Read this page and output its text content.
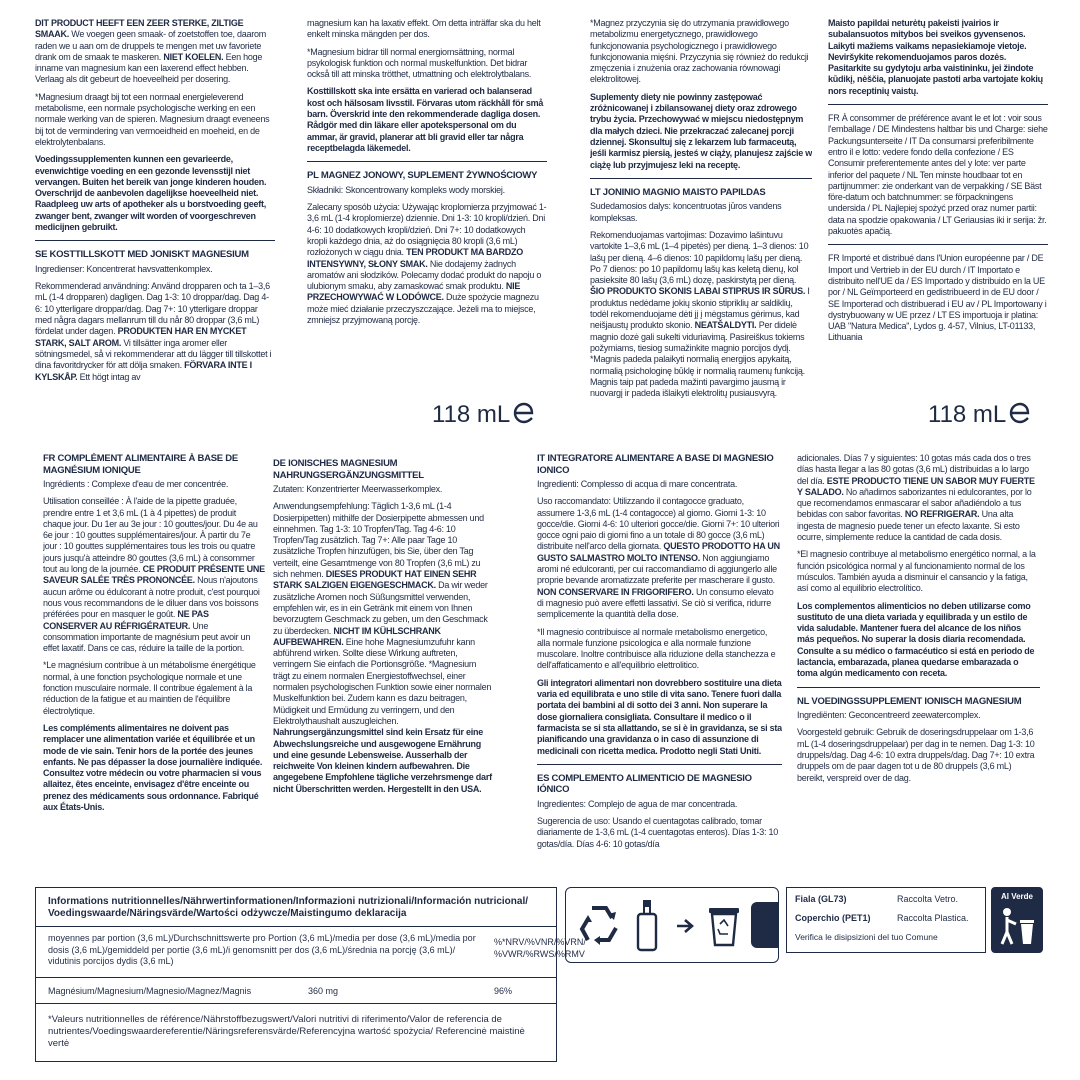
DIT PRODUCT HEEFT EEN ZEER STERKE, ZILTIGE SMAAK. We voegen geen smaak- of zoetstoffen toe, daarom raden we u aan om de druppels te mengen met uw favoriete drank om de smaak te maskeren. NIET KOELEN. Een hoge inname van magnesium kan een laxerend effect hebben. Verlaag als dit gebeurt de hoeveelheid per dosering.

*Magnesium draagt bij tot een normaal energieleverend metabolisme, een normale psychologische werking en een normale werking van de spieren. Magnesium draagt eveneens bij tot de vermindering van vermoeidheid en moeheid, en de elektrolytenbalans.

Voedingssupplementen kunnen een gevarieerde, evenwichtige voeding en een gezonde levensstijl niet vervangen. Buiten het bereik van jonge kinderen houden. Overschrijd de aanbevolen dagelijkse hoeveelheid niet. Raadpleeg uw arts of apotheker als u borstvoeding geeft, zwanger bent, zwanger wilt worden of voorgeschreven medicijnen gebruikt.

SE KOSTTILLSKOTT MED JONISKT MAGNESIUM

Ingredienser: Koncentrerat havsvattenkomplex.

Rekommenderad användning: Använd dropparen och ta 1–3,6 mL (1-4 dropparen) dagligen. Dag 1-3: 10 droppar/dag. Dag 4-6: 10 ytterligare droppar/dag. Dag 7+: 10 ytterligare droppar med några dagars mellanrum till du når 80 droppar (3,6 mL) fördelat under dagen. PRODUKTEN HAR EN MYCKET STARK, SALT AROM. Vi tillsätter inga aromer eller sötningsmedel, så vi rekommenderar att du lägger till tillskottet i dina favoritdrycker för att dölja smaken. FÖRVARA INTE I KYLSKÅP. Ett högt intag av

magnesium kan ha laxativ effekt. Om detta inträffar ska du helt enkelt minska mängden per dos.

*Magnesium bidrar till normal energiomsättning, normal psykologisk funktion och normal muskelfunktion. Det bidrar också till att minska trötthet, utmattning och elektrolytbalans.

Kosttillskott ska inte ersätta en varierad och balanserad kost och hälsosam livsstil. Förvaras utom räckhåll för små barn. Överskrid inte den rekommenderade dagliga dosen. Rådgör med din läkare eller apotekspersonal om du ammar, är gravid, planerar att bli gravid eller tar några receptbelagda läkemedel.

PL MAGNEZ JONOWY, SUPLEMENT ŻYWNOŚCIOWY

Składniki: Skoncentrowany kompleks wody morskiej.

Zalecany sposób użycia: Używając kroplomierza przyjmować 1-3,6 mL (1-4 kroplomierze) dziennie. Dni 1-3: 10 kropli/dzień. Dni 4-6: 10 dodatkowych kropli/dzień. Dni 7+: 10 dodatkowych kropli każdego dnia, aż do osiągnięcia 80 kropli (3,6 mL) rozłożonych w ciągu dnia. TEN PRODUKT MA BARDZO INTENSYWNY, SŁONY SMAK. Nie dodajemy żadnych aromatów ani słodzików. Polecamy dodać produkt do napoju o ulubionym smaku, aby zamaskować smak produktu. NIE PRZECHOWYWAĆ W LODÓWCE. Duże spożycie magnezu może mieć działanie przeczyszczające. Jeżeli ma to miejsce, zmniejsz przyjmowaną porcję.

118 mL

*Magnez przyczynia się do utrzymania prawidłowego metabolizmu energetycznego, prawidłowego funkcjonowania psychologicznego i prawidłowego funkcjonowania mięśni. Przyczynia się również do redukcji zmęczenia i znużenia oraz zachowania równowagi elektrolitowej.

Suplementy diety nie powinny zastępować zróżnicowanej i zbilansowanej diety oraz zdrowego trybu życia. Przechowywać w miejscu niedostępnym dla małych dzieci. Nie przekraczać zalecanej porcji dziennej. Skonsultuj się z lekarzem lub farmaceutą, jeśli karmisz piersią, jesteś w ciąży, planujesz zajście w ciążę lub przyjmujesz leki na receptę.

LT JONINIO MAGNIO MAISTO PAPILDAS

Sudedamosios dalys: koncentruotas jūros vandens kompleksas.

Rekomenduojamas vartojimas: Dozavimo lašintuvu vartokite 1–3,6 mL (1–4 pipetės) per dieną. 1–3 dienos: 10 lašų per dieną. 4–6 dienos: 10 papildomų lašų per dieną. Po 7 dienos: po 10 papildomų lašų kas keletą dienų, kol pasieksite 80 lašų (3,6 mL) dozę, paskirstytą per dieną. ŠIO PRODUKTO SKONIS LABAI STIPRUS IR SŪRUS. I produktus nedėdame jokių skonio stipriklių ar saldiklių, todėl rekomenduojame dėti jį į mėgstamus gėrimus, kad neišjaustų produkto skonio. NEATŠALDYTI. Per didelė magnio dozė gali sukelti viduriavimą. Pasireiškus tokiems požymiams, tiesiog sumažinkite magnio porcijos dydį. *Magnis padeda palaikyti normalią energijos apykaitą, normalią psichologinę būklę ir normalią raumenų funkciją. Magnis taip pat padeda mažinti pavargimo jausmą ir nuovargį ir padeda išlaikyti elektrolitų pusiausvyrą.

Maisto papildai neturėtų pakeisti įvairios ir subalansuotos mitybos bei sveikos gyvensenos. Laikyti mažiems vaikams nepasiekiamoje vietoje. Neviršykite rekomenduojamos paros dozės. Pasitarkite su gydytoju arba vaistininku, jei žindote kūdikį, nėščia, planuojate pastoti arba vartojate kokių nors receptinių vaistų.

FR À consommer de préférence avant le et lot : voir sous l'emballage / DE Mindestens haltbar bis und Charge: siehe Packungsunterseite / IT Da consumarsi preferibilmente entro il e lotto: vedere fondo della confezione / ES Consumir preferentemente antes del y lote: ver parte inferior del paquete / NL Ten minste houdbaar tot en partijnummer: zie onderkant van de verpakking / SE Bäst före-datum och batchnummer: se förpackningens undersida / PL Najlepiej spożyć przed oraz numer partii: data na spodzie opakowania / LT Geriausias iki ir serija: žr. pakuotės apačią.

FR Importé et distribué dans l'Union européenne par / DE Import und Vertrieb in der EU durch / IT Importato e distribuito nell'UE da / ES Importado y distribuido en la UE por / NL Geïmporteerd en gedistribueerd in de EU door / SE Importerad och distribuerad i EU av / PL Importowany i dystrybuowany w UE przez / LT ES importuoja ir platina: UAB "Natura Medica", Lydos g. 4-57, Vilnius, LT-01133, Lithuania

118 mL
FR COMPLÉMENT ALIMENTAIRE À BASE DE MAGNÉSIUM IONIQUE

Ingrédients : Complexe d'eau de mer concentrée.

Utilisation conseillée : À l'aide de la pipette graduée, prendre entre 1 et 3,6 mL (1 à 4 pipettes) de produit chaque jour. Du 1er au 3e jour : 10 gouttes/jour. Du 4e au 6e jour : 10 gouttes supplémentaires/jour. À partir du 7e jour : 10 gouttes supplémentaires tous les trois ou quatre jours jusqu'à atteindre 80 gouttes (3,6 mL) à consommer tout au long de la journée. CE PRODUIT PRÉSENTE UNE SAVEUR SALÉE TRÈS PRONONCÉE. Nous n'ajoutons aucun arôme ou édulcorant à notre produit, c'est pourquoi nous vous recommandons de le diluer dans vos boissons préférées pour en masquer le goût. NE PAS CONSERVER AU RÉFRIGÉRATEUR. Une consommation importante de magnésium peut avoir un effet laxatif. Dans ce cas, réduire la taille de la portion.

*Le magnésium contribue à un métabolisme énergétique normal, à une fonction psychologique normale et une fonction musculaire normale. Il contribue également à la réduction de la fatigue et au maintien de l'équilibre électrolytique.

Les compléments alimentaires ne doivent pas remplacer une alimentation variée et équilibrée et un mode de vie sain. Tenir hors de la portée des jeunes enfants. Ne pas dépasser la dose journalière indiquée. Consultez votre médecin ou votre pharmacien si vous allaitez, êtes enceinte, envisagez d'être enceinte ou prenez des médicaments sous ordonnance. Fabriqué aux États-Unis.

DE IONISCHES MAGNESIUM NAHRUNGSERGÄNZUNGSMITTEL

Zutaten: Konzentrierter Meerwasserkomplex.

Anwendungsempfehlung: Täglich 1-3,6 mL (1-4 Dosierpipetten) mithilfe der Dosierpipette abmessen und einnehmen. Tag 1-3: 10 Tropfen/Tag. Tag 4-6: 10 Tropfen/Tag zusätzlich. Tag 7+: Alle paar Tage 10 zusätzliche Tropfen hinzufügen, bis Sie, über den Tag verteilt, eine Gesamtmenge von 80 Tropfen (3,6 mL) zu sich nehmen. DIESES PRODUKT HAT EINEN SEHR STARK SALZIGEN EIGENGESCHMACK. Da wir weder zusätzliche Aromen noch Süßungsmittel verwenden, empfehlen wir, es in ein Getränk mit einem von Ihnen bevorzugtem Geschmack zu geben, um den Geschmack zu überdecken. NICHT IM KÜHLSCHRANK AUFBEWAHREN. Eine hohe Magnesiumzufuhr kann abführend wirken. Sollte diese Wirkung auftreten, verringern Sie einfach die Portionsgröße. *Magnesium trägt zu einem normalen Energiestoffwechsel, einer normalen psychologischen Funktion sowie einer normalen Muskelfunktion bei. Zudem kann es dazu beitragen, Müdigkeit und Ermüdung zu verringern, und den Elektrolythaushalt auszugleichen. Nahrungsergänzungsmittel sind kein Ersatz für eine Abwechslungsreiche und ausgewogene Ernährung und eine gesunde Lebensweise. Ausserhalb der reichweite Von kleinen kindern aufbewahren. Die angegebene Empfohlene tägliche verzehrsmenge darf nicht Überschritten werden. Hergestellt in den USA.

IT INTEGRATORE ALIMENTARE A BASE DI MAGNESIO IONICO

Ingredienti: Complesso di acqua di mare concentrata.

Uso raccomandato: Utilizzando il contagocce graduato, assumere 1-3,6 mL (1-4 contagocce) al giorno. Giorni 1-3: 10 gocce/die. Giorni 4-6: 10 ulteriori gocce/die. Giorni 7+: 10 ulteriori gocce ogni paio di giorni fino a un totale di 80 gocce (3,6 mL) distribuite nell'arco della giornata. QUESTO PRODOTTO HA UN GUSTO SALMASTRO MOLTO INTENSO. Non aggiungiamo aromi né edulcoranti, per cui raccomandiamo di aggiungerlo alle proprie bevande aromatizzate preferite per mascherare il gusto. NON CONSERVARE IN FRIGORIFERO. Un consumo elevato di magnesio può avere effetti lassativi. Se ciò si verifica, ridurre semplicemente la quantità della dose.

*Il magnesio contribuisce al normale metabolismo energetico, alla normale funzione psicologica e alla normale funzione muscolare. Inoltre contribuisce alla riduzione della stanchezza e dell'affaticamento e all'equilibrio elettrolitico.

Gli integratori alimentari non dovrebbero sostituire una dieta varia ed equilibrata e uno stile di vita sano. Tenere fuori dalla portata dei bambini al di sotto dei 3 anni. Non superare la dose giornaliera consigliata. Consultare il medico o il farmacista se si sta allattando, se si è in gravidanza, se si sta pianificando una gravidanza o in caso di assunzione di medicinali con ricetta medica. Prodotto negli Stati Uniti.

ES COMPLEMENTO ALIMENTICIO DE MAGNESIO IÓNICO

Ingredientes: Complejo de agua de mar concentrada.

Sugerencia de uso: Usando el cuentagotas calibrado, tomar diariamente de 1-3,6 mL (1-4 cuentagotas enteros). Días 1-3: 10 gotas/día. Días 4-6: 10 gotas/día

adicionales. Días 7 y siguientes: 10 gotas más cada dos o tres días hasta llegar a las 80 gotas (3,6 mL) distribuidas a lo largo del día. ESTE PRODUCTO TIENE UN SABOR MUY FUERTE Y SALADO. No añadimos saborizantes ni edulcorantes, por lo que recomendamos enmascarar el sabor añadiéndolo a tus bebidas con sabor favoritas. NO REFRIGERAR. Una alta ingesta de magnesio puede tener un efecto laxante. Si esto ocurre, simplemente reduce la cantidad de cada dosis.

*El magnesio contribuye al metabolismo energético normal, a la función psicológica normal y al funcionamiento normal de los músculos. También ayuda a disminuir el cansancio y la fatiga, así como al equilibrio electrolítico.

Los complementos alimenticios no deben utilizarse como sustituto de una dieta variada y equilibrada y un estilo de vida saludable. Mantener fuera del alcance de los niños más pequeños. No superar la dosis diaria recomendada. Consulte a su médico o farmacéutico si está en periodo de lactancia, embarazada, planea quedarse embarazada o toma algún medicamento con receta.

NL VOEDINGSSUPPLEMENT IONISCH MAGNESIUM

Ingrediënten: Geconcentreerd zeewatercomplex.

Voorgesteld gebruik: Gebruik de doseringsdruppelaar om 1-3,6 mL (1-4 doseringsdruppelaar) per dag in te nemen. Dag 1-3: 10 druppels/dag. Dag 4-6: 10 extra druppels/dag. Dag 7+: 10 extra druppels om de paar dagen tot u de 80 druppels (3,6 mL) bereikt, verspreid over de dag.

Informations nutritionnelles/Nährwertinformationen/Informazioni nutrizionali/Información nutricional/ Voedingswaarde/Näringsvärde/Wartości odżywcze/Maistingumo deklaracija
moyennes par portion (3,6 mL)/Durchschnittswerte pro Portion (3,6 mL)/media per dose (3,6 mL)/media por dosis (3,6 mL)/gemiddeld per portie (3,6 mL)/i genomsnitt per dos (3,6 mL)/średnia na porcję (3,6 mL)/ vidutinis porcijos dydis (3,6 mL)
%*NRV/%VNR/%VRN/ %VWR/%RWS/%RMV
Magnésium/Magnesium/Magnesio/Magnez/Magnis	360 mg	96%
*Valeurs nutritionnelles de référence/Nährstoffbezugswert/Valori nutritivi di riferimento/Valor de referencia de nutrientes/Voedingswaardereferentie/Näringsreferensvärde/Referencyjna wartość spożycia/ Referencinė maistinė vertė
Fiala (GL73)	Raccolta Vetro.
Coperchio (PET1)	Raccolta Plastica.
Verifica le disipsizioni del tuo Comune
Al Verde
